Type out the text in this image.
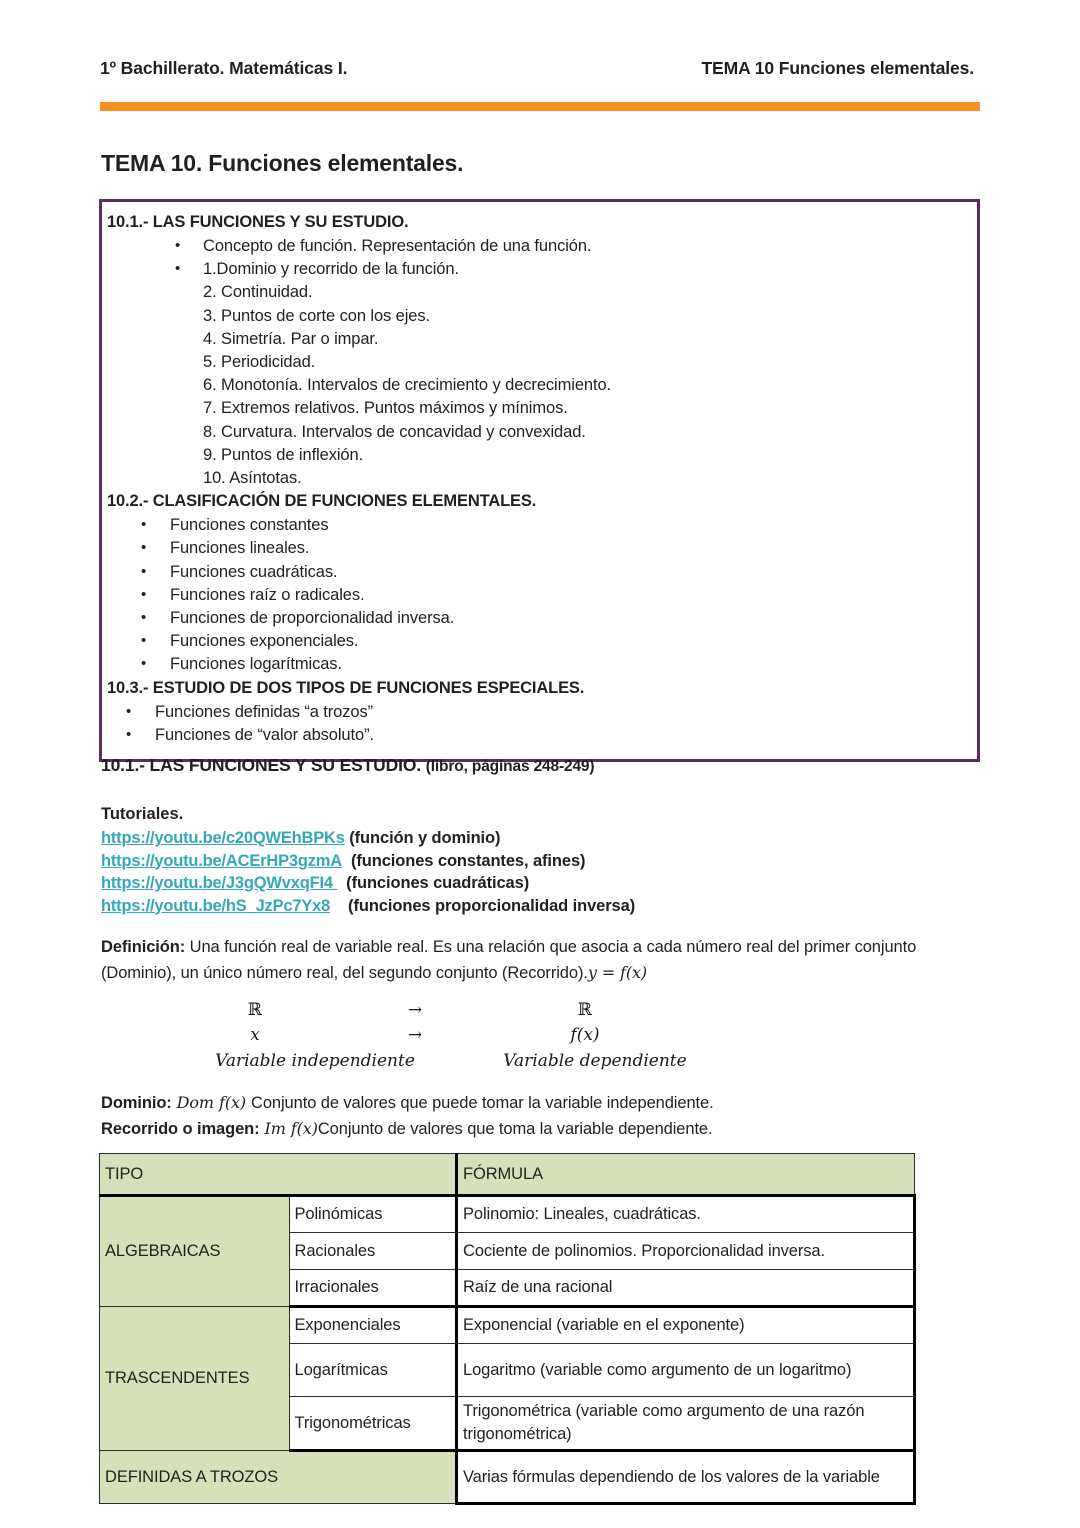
1º Bachillerato. Matemáticas I.	TEMA 10 Funciones elementales.
TEMA 10. Funciones elementales.
10.1.- LAS FUNCIONES Y SU ESTUDIO.
• Concepto de función. Representación de una función.
• 1.Dominio y recorrido de la función.
2. Continuidad.
3. Puntos de corte con los ejes.
4. Simetría. Par o impar.
5. Periodicidad.
6. Monotonía. Intervalos de crecimiento y decrecimiento.
7. Extremos relativos. Puntos máximos y mínimos.
8. Curvatura. Intervalos de concavidad y convexidad.
9. Puntos de inflexión.
10. Asíntotas.
10.2.- CLASIFICACIÓN DE FUNCIONES ELEMENTALES.
• Funciones constantes
• Funciones lineales.
• Funciones cuadráticas.
• Funciones raíz o radicales.
• Funciones de proporcionalidad inversa.
• Funciones exponenciales.
• Funciones logarítmicas.
10.3.- ESTUDIO DE DOS TIPOS DE FUNCIONES ESPECIALES.
• Funciones definidas “a trozos”
• Funciones de “valor absoluto”.
10.1.- LAS FUNCIONES Y SU ESTUDIO. (libro, páginas 248-249)
Tutoriales.
https://youtu.be/c20QWEhBPKs (función y dominio)
https://youtu.be/ACErHP3gzmA (funciones constantes, afines)
https://youtu.be/J3gQWvxqFI4 (funciones cuadráticas)
https://youtu.be/hS_JzPc7Yx8 (funciones proporcionalidad inversa)
Definición: Una función real de variable real. Es una relación que asocia a cada número real del primer conjunto (Dominio), un único número real, del segundo conjunto (Recorrido).y = f(x)
ℝ	→	ℝ
x	→	f(x)
Variable independiente	Variable dependiente
Dominio: Dom f(x) Conjunto de valores que puede tomar la variable independiente.
Recorrido o imagen: Im f(x)Conjunto de valores que toma la variable dependiente.
TIPO		FÓRMULA
ALGEBRAICAS	Polinómicas	Polinomio: Lineales, cuadráticas.
	Racionales	Cociente de polinomios. Proporcionalidad inversa.
	Irracionales	Raíz de una racional
TRASCENDENTES	Exponenciales	Exponencial (variable en el exponente)
	Logarítmicas	Logaritmo (variable como argumento de un logaritmo)
	Trigonométricas	Trigonométrica (variable como argumento de una razón trigonométrica)
DEFINIDAS A TROZOS		Varias fórmulas dependiendo de los valores de la variable
